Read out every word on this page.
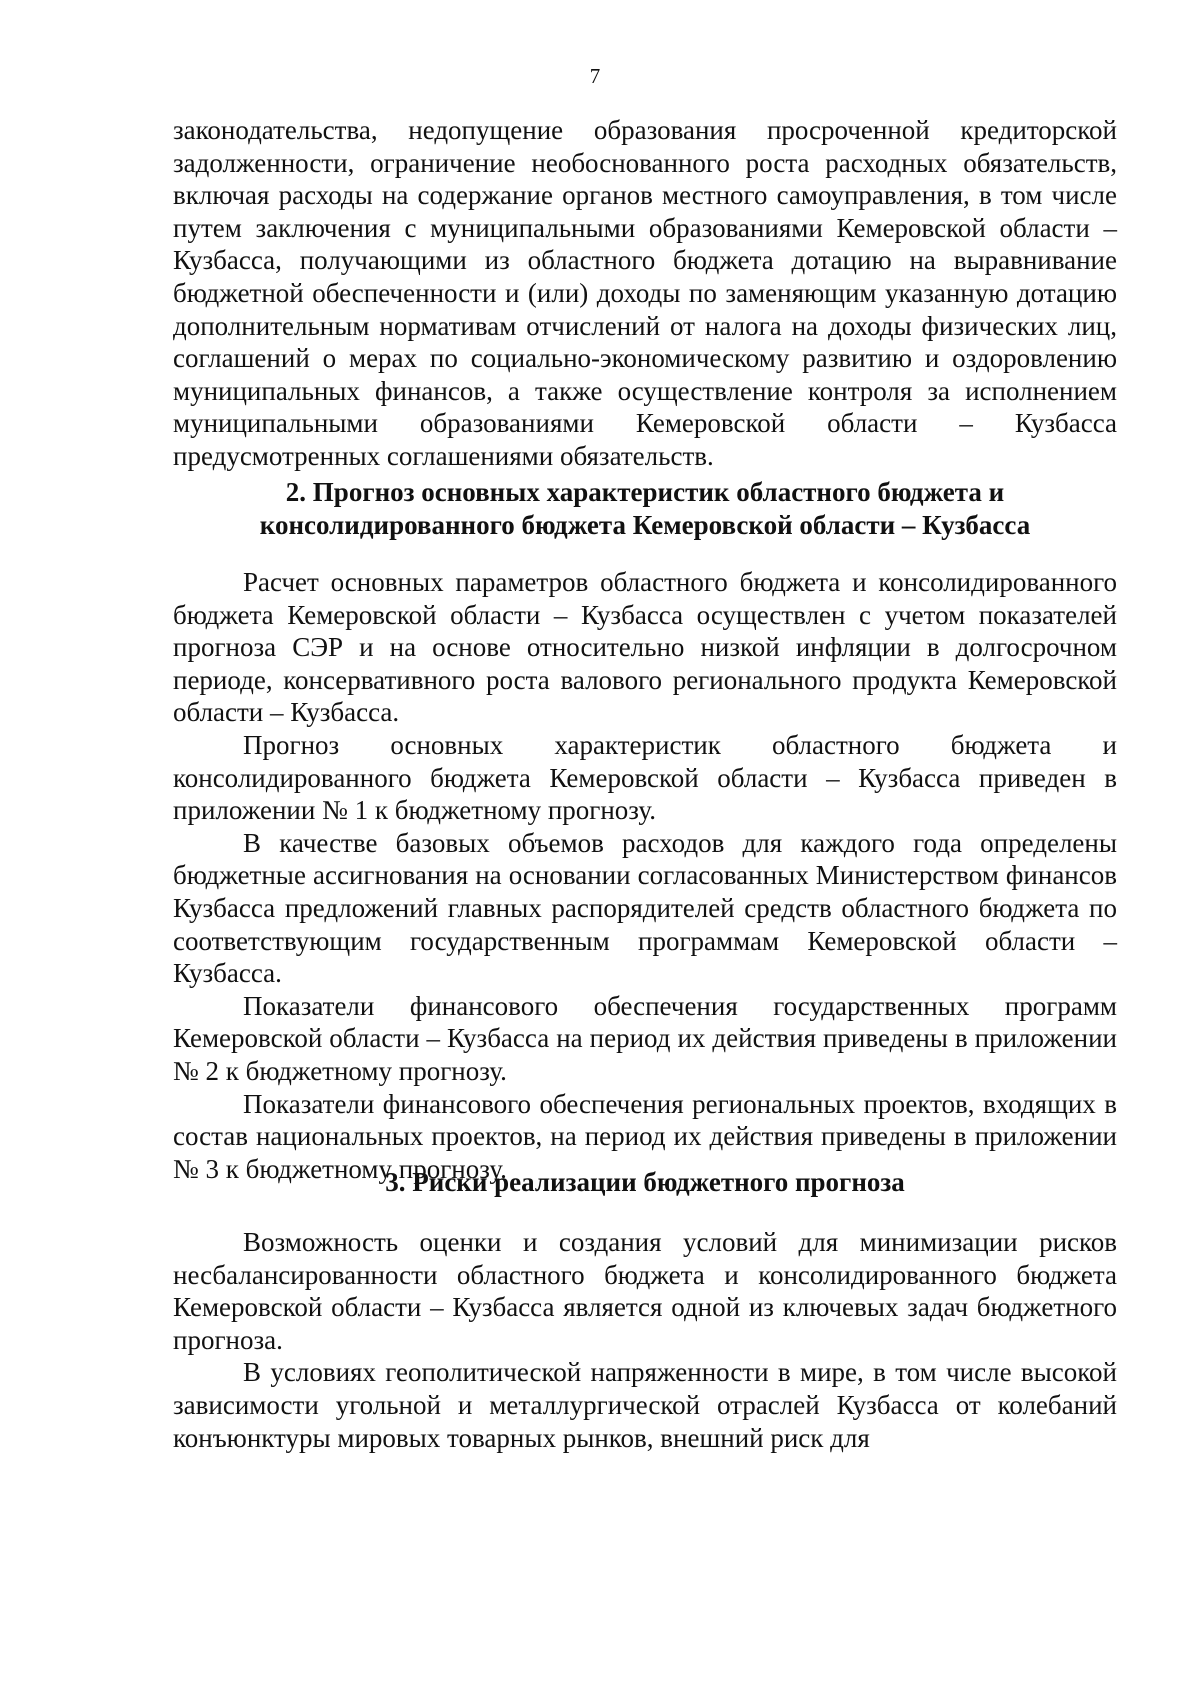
7

законодательства, недопущение образования просроченной кредиторской задолженности, ограничение необоснованного роста расходных обязательств, включая расходы на содержание органов местного самоуправления, в том числе путем заключения с муниципальными образованиями Кемеровской области – Кузбасса, получающими из областного бюджета дотацию на выравнивание бюджетной обеспеченности и (или) доходы по заменяющим указанную дотацию дополнительным нормативам отчислений от налога на доходы физических лиц, соглашений о мерах по социально-экономическому развитию и оздоровлению муниципальных финансов, а также осуществление контроля за исполнением муниципальными образованиями Кемеровской области – Кузбасса предусмотренных соглашениями обязательств.

2. Прогноз основных характеристик областного бюджета и
консолидированного бюджета Кемеровской области – Кузбасса

Расчет основных параметров областного бюджета и консолидированного бюджета Кемеровской области – Кузбасса осуществлен с учетом показателей прогноза СЭР и на основе относительно низкой инфляции в долгосрочном периоде, консервативного роста валового регионального продукта Кемеровской области – Кузбасса.

Прогноз основных характеристик областного бюджета и консолидированного бюджета Кемеровской области – Кузбасса приведен в приложении № 1 к бюджетному прогнозу.

В качестве базовых объемов расходов для каждого года определены бюджетные ассигнования на основании согласованных Министерством финансов Кузбасса предложений главных распорядителей средств областного бюджета по соответствующим государственным программам Кемеровской области – Кузбасса.

Показатели финансового обеспечения государственных программ Кемеровской области – Кузбасса на период их действия приведены в приложении № 2 к бюджетному прогнозу.

Показатели финансового обеспечения региональных проектов, входящих в состав национальных проектов, на период их действия приведены в приложении № 3 к бюджетному прогнозу.

3. Риски реализации бюджетного прогноза

Возможность оценки и создания условий для минимизации рисков несбалансированности областного бюджета и консолидированного бюджета Кемеровской области – Кузбасса является одной из ключевых задач бюджетного прогноза.

В условиях геополитической напряженности в мире, в том числе высокой зависимости угольной и металлургической отраслей Кузбасса от колебаний конъюнктуры мировых товарных рынков, внешний риск для
